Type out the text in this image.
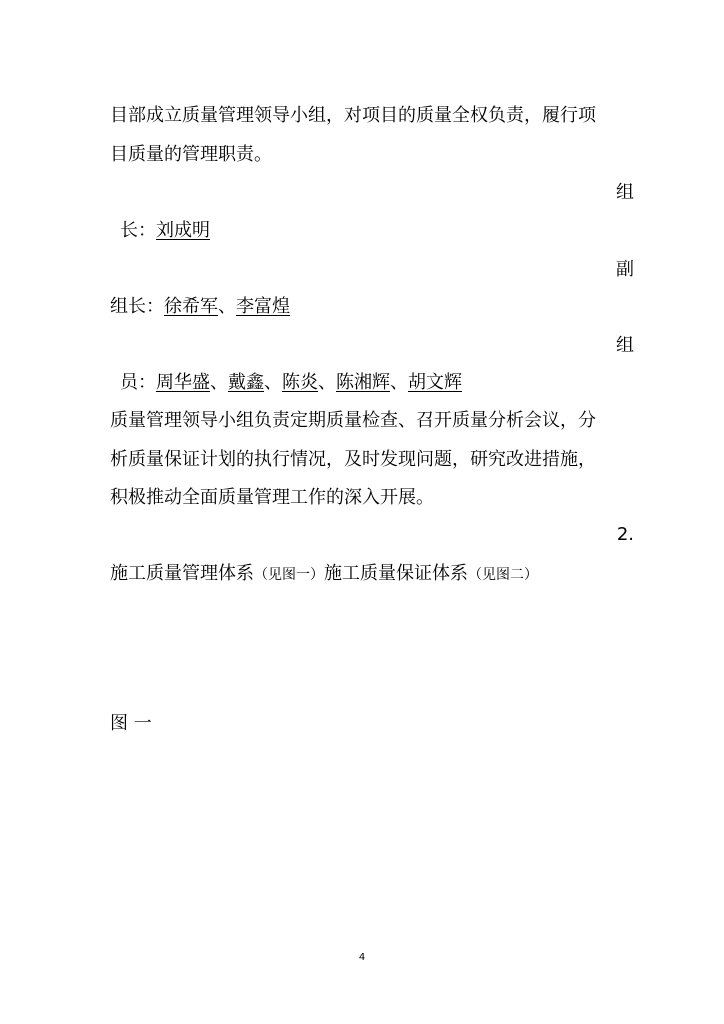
目部成立质量管理领导小组，对项目的质量全权负责，履行项
目质量的管理职责。
组
长：刘成明
副
组长：徐希军、李富煌
组
员：周华盛、戴鑫、陈炎、陈湘辉、胡文辉
质量管理领导小组负责定期质量检查、召开质量分析会议，分
析质量保证计划的执行情况，及时发现问题，研究改进措施，
积极推动全面质量管理工作的深入开展。
2.
施工质量管理体系（见图一）施工质量保证体系（见图二）
图 一
4
